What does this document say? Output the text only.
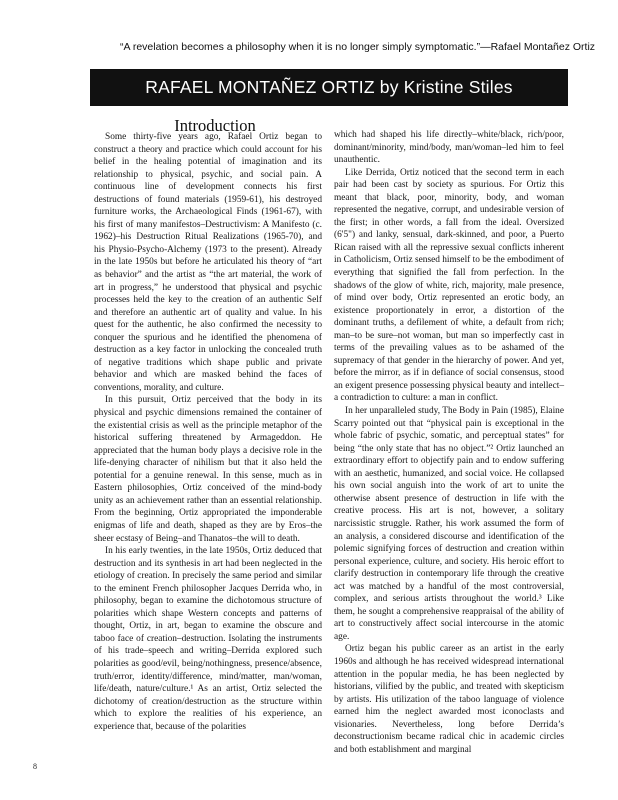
“A revelation becomes a philosophy when it is no longer simply symptomatic.”—Rafael Montañez Ortiz
RAFAEL MONTAÑEZ ORTIZ by Kristine Stiles
Introduction

Some thirty-five years ago, Rafael Ortiz began to construct a theory and practice which could account for his belief in the healing potential of imagination and its relationship to physical, psychic, and social pain. A continuous line of development connects his first destructions of found materials (1959-61), his destroyed furniture works, the Archaeological Finds (1961-67), with his first of many manifestos–Destructivism: A Manifesto (c. 1962)–his Destruction Ritual Realizations (1965-70), and his Physio-Psycho-Alchemy (1973 to the present). Already in the late 1950s but before he articulated his theory of “art as behavior” and the artist as “the art material, the work of art in progress,” he understood that physical and psychic processes held the key to the creation of an authentic Self and therefore an authentic art of quality and value. In his quest for the authentic, he also confirmed the necessity to conquer the spurious and he identified the phenomena of destruction as a key factor in unlocking the concealed truth of negative traditions which shape public and private behavior and which are masked behind the faces of conventions, morality, and culture.

In this pursuit, Ortiz perceived that the body in its physical and psychic dimensions remained the container of the existential crisis as well as the principle metaphor of the historical suffering threatened by Armageddon. He appreciated that the human body plays a decisive role in the life-denying character of nihilism but that it also held the potential for a genuine renewal. In this sense, much as in Eastern philosophies, Ortiz conceived of the mind-body unity as an achievement rather than an essential relationship. From the beginning, Ortiz appropriated the imponderable enigmas of life and death, shaped as they are by Eros–the sheer ecstasy of Being–and Thanatos–the will to death.

In his early twenties, in the late 1950s, Ortiz deduced that destruction and its synthesis in art had been neglected in the etiology of creation. In precisely the same period and similar to the eminent French philosopher Jacques Derrida who, in philosophy, began to examine the dichotomous structure of polarities which shape Western concepts and patterns of thought, Ortiz, in art, began to examine the obscure and taboo face of creation–destruction. Isolating the instruments of his trade–speech and writing–Derrida explored such polarities as good/evil, being/nothingness, presence/absence, truth/error, identity/difference, mind/matter, man/woman, life/death, nature/culture.¹ As an artist, Ortiz selected the dichotomy of creation/destruction as the structure within which to explore the realities of his experience, an experience that, because of the polarities

which had shaped his life directly–white/black, rich/poor, dominant/minority, mind/body, man/woman–led him to feel unauthentic.

Like Derrida, Ortiz noticed that the second term in each pair had been cast by society as spurious. For Ortiz this meant that black, poor, minority, body, and woman represented the negative, corrupt, and undesirable version of the first; in other words, a fall from the ideal. Oversized (6'5") and lanky, sensual, dark-skinned, and poor, a Puerto Rican raised with all the repressive sexual conflicts inherent in Catholicism, Ortiz sensed himself to be the embodiment of everything that signified the fall from perfection. In the shadows of the glow of white, rich, majority, male presence, of mind over body, Ortiz represented an erotic body, an existence proportionately in error, a distortion of the dominant truths, a defilement of white, a default from rich; man–to be sure–not woman, but man so imperfectly cast in terms of the prevailing values as to be ashamed of the supremacy of that gender in the hierarchy of power. And yet, before the mirror, as if in defiance of social consensus, stood an exigent presence possessing physical beauty and intellect–a contradiction to culture: a man in conflict.

In her unparalleled study, The Body in Pain (1985), Elaine Scarry pointed out that “physical pain is exceptional in the whole fabric of psychic, somatic, and perceptual states” for being “the only state that has no object.”² Ortiz launched an extraordinary effort to objectify pain and to endow suffering with an aesthetic, humanized, and social voice. He collapsed his own social anguish into the work of art to unite the otherwise absent presence of destruction in life with the creative process. His art is not, however, a solitary narcissistic struggle. Rather, his work assumed the form of an analysis, a considered discourse and identification of the polemic signifying forces of destruction and creation within personal experience, culture, and society. His heroic effort to clarify destruction in contemporary life through the creative act was matched by a handful of the most controversial, complex, and serious artists throughout the world.³ Like them, he sought a comprehensive reappraisal of the ability of art to constructively affect social intercourse in the atomic age.

Ortiz began his public career as an artist in the early 1960s and although he has received widespread international attention in the popular media, he has been neglected by historians, vilified by the public, and treated with skepticism by artists. His utilization of the taboo language of violence earned him the neglect awarded most iconoclasts and visionaries. Nevertheless, long before Derrida’s deconstructionism became radical chic in academic circles and both establishment and marginal

8
